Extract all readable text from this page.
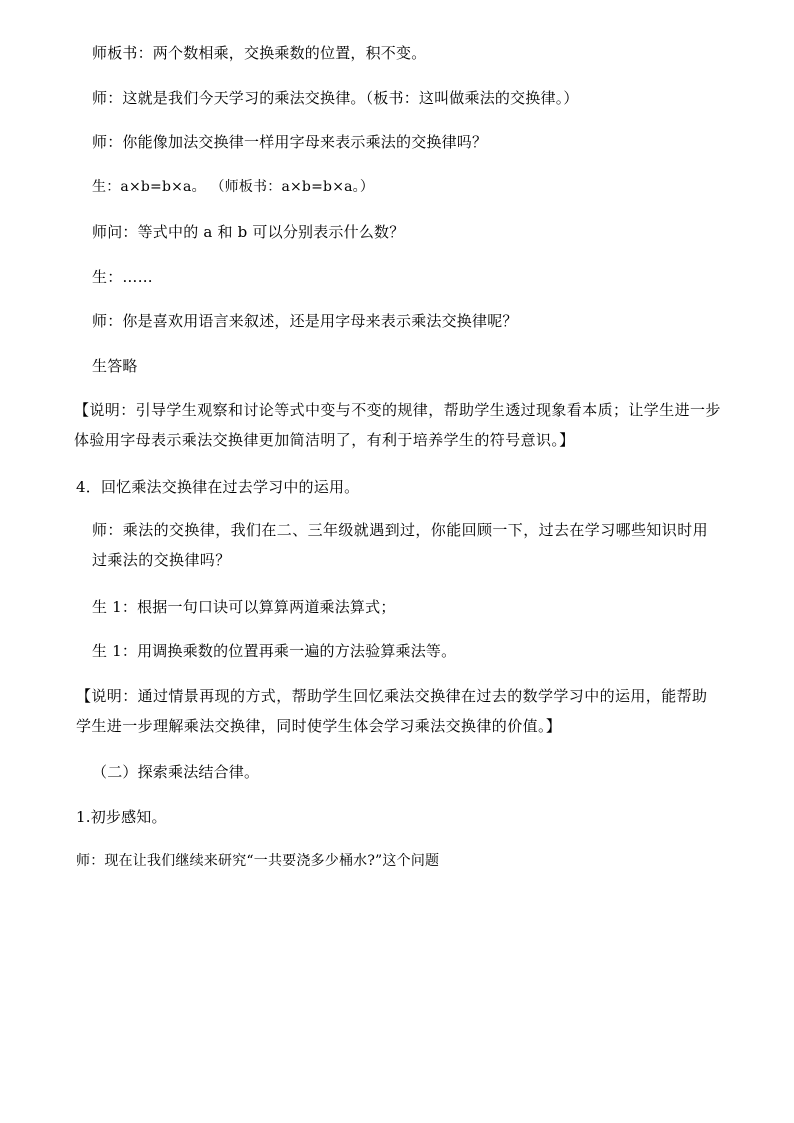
师板书：两个数相乘，交换乘数的位置，积不变。
师：这就是我们今天学习的乘法交换律。（板书：这叫做乘法的交换律。）
师：你能像加法交换律一样用字母来表示乘法的交换律吗？
生：a×b=b×a。 （师板书：a×b=b×a。）
师问：等式中的 a 和 b 可以分别表示什么数？
生：……
师：你是喜欢用语言来叙述，还是用字母来表示乘法交换律呢？
生答略
【说明：引导学生观察和讨论等式中变与不变的规律，帮助学生透过现象看本质；让学生进一步体验用字母表示乘法交换律更加简洁明了，有利于培养学生的符号意识。】
4．回忆乘法交换律在过去学习中的运用。
师：乘法的交换律，我们在二、三年级就遇到过，你能回顾一下，过去在学习哪些知识时用过乘法的交换律吗？
生 1：根据一句口诀可以算算两道乘法算式；
生 1：用调换乘数的位置再乘一遍的方法验算乘法等。
【说明：通过情景再现的方式，帮助学生回忆乘法交换律在过去的数学学习中的运用，能帮助学生进一步理解乘法交换律，同时使学生体会学习乘法交换律的价值。】
（二）探索乘法结合律。
1.初步感知。
师：现在让我们继续来研究“一共要浇多少桶水?”这个问题
